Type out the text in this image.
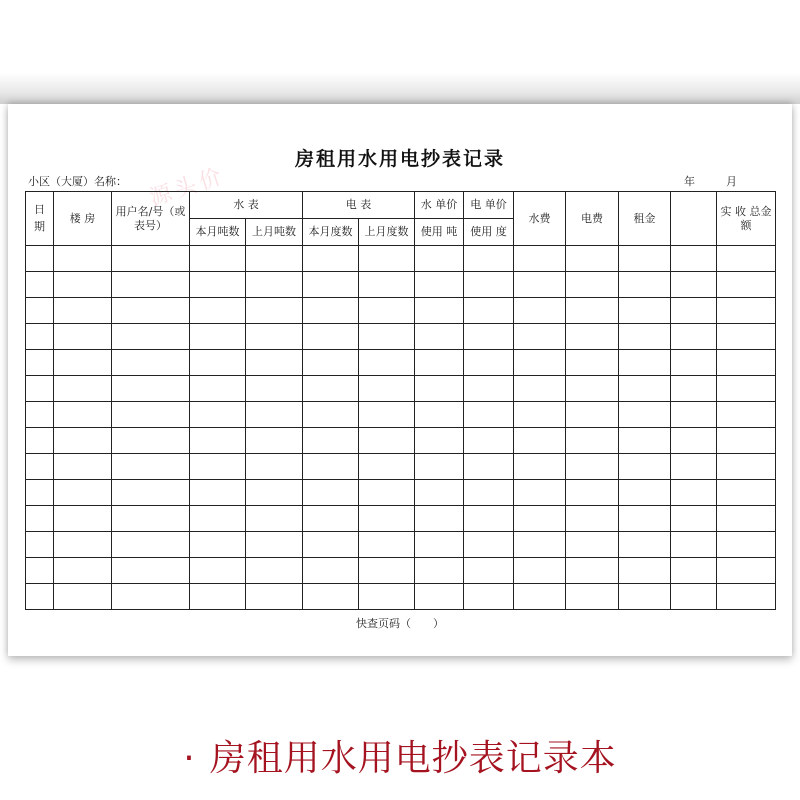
源头价
房租用水用电抄表记录
小区（大厦）名称：	年	月
日期	楼 房	用户名/号（或表号）	水 表		电 表		水 单价	电 单价	水费	电费	租金		实 收 总金额
			本月吨数	上月吨数	本月度数	上月度数	使用 吨	使用 度					

快查页码（　　）
· 房租用水用电抄表记录本
